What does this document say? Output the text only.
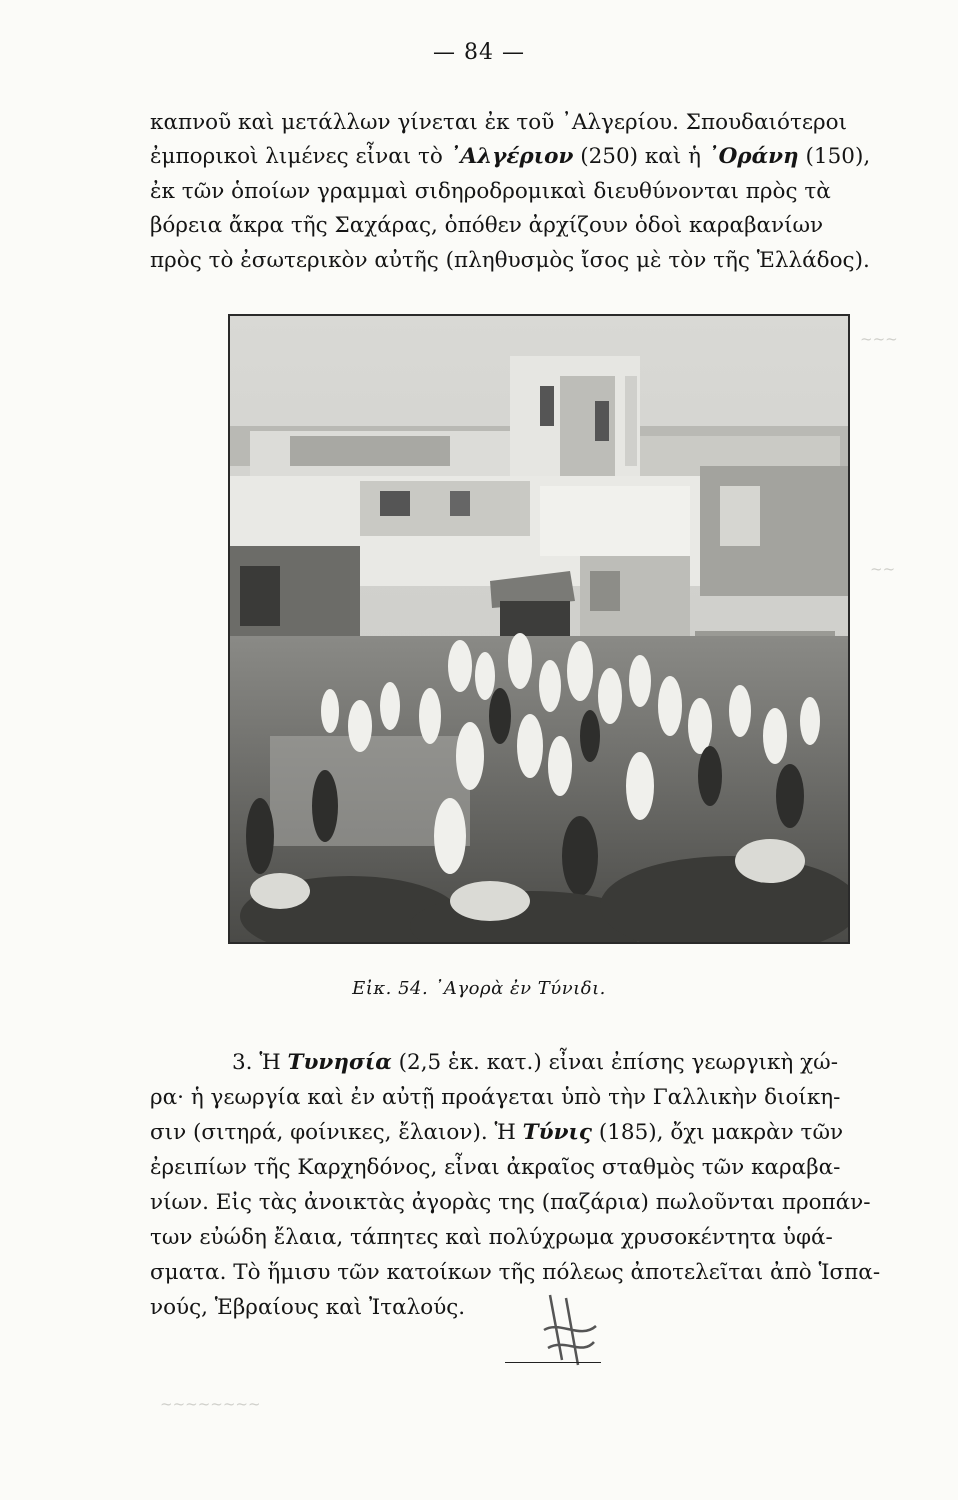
— 84 —
~~~
~~
~~~~~~~~
καπνοῦ καὶ μετάλλων γίνεται ἐκ τοῦ ᾿Αλγερίου. Σπουδαιότεροι
ἐμπορικοὶ λιμένες εἶναι τὸ ᾿Αλγέριον (250) καὶ ἡ ᾿Οράνη (150),
ἐκ τῶν ὁποίων γραμμαὶ σιδηροδρομικαὶ διευθύνονται πρὸς τὰ
βόρεια ἄκρα τῆς Σαχάρας, ὁπόθεν ἀρχίζουν ὁδοὶ καραβανίων
πρὸς τὸ ἐσωτερικὸν αὐτῆς (πληθυσμὸς ἴσος μὲ τὸν τῆς Ἑλλάδος).
Εἰκ. 54. ᾿Αγορὰ ἐν Τύνιδι.
3. Ἡ Τυνησία (2,5 ἑκ. κατ.) εἶναι ἐπίσης γεωργικὴ χώ-
ρα· ἡ γεωργία καὶ ἐν αὐτῇ προάγεται ὑπὸ τὴν Γαλλικὴν διοίκη-
σιν (σιτηρά, φοίνικες, ἔλαιον). Ἡ Τύνις (185), ὄχι μακρὰν τῶν
ἐρειπίων τῆς Καρχηδόνος, εἶναι ἀκραῖος σταθμὸς τῶν καραβα-
νίων. Εἰς τὰς ἀνοικτὰς ἀγορὰς της (παζάρια) πωλοῦνται προπάν-
των εὐώδη ἔλαια, τάπητες καὶ πολύχρωμα χρυσοκέντητα ὑφά-
σματα. Τὸ ἥμισυ τῶν κατοίκων τῆς πόλεως ἀποτελεῖται ἀπὸ Ἱσπα-
νούς, Ἑβραίους καὶ Ἰταλούς.
